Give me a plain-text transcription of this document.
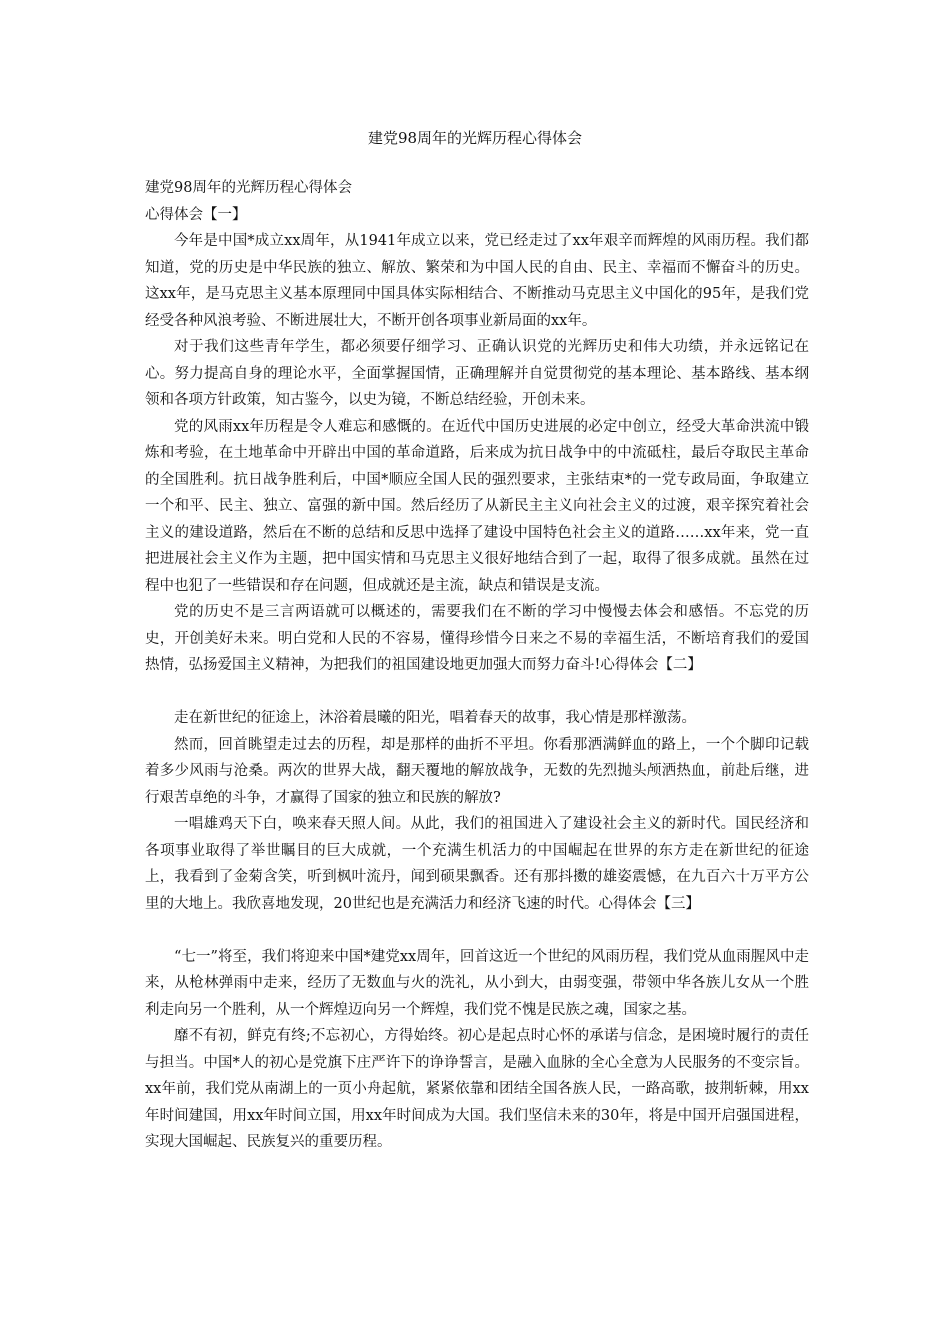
建党98周年的光辉历程心得体会

建党98周年的光辉历程心得体会

心得体会【一】

今年是中国*成立xx周年，从1941年成立以来，党已经走过了xx年艰辛而辉煌的风雨历程。我们都知道，党的历史是中华民族的独立、解放、繁荣和为中国人民的自由、民主、幸福而不懈奋斗的历史。这xx年，是马克思主义基本原理同中国具体实际相结合、不断推动马克思主义中国化的95年，是我们党经受各种风浪考验、不断进展壮大，不断开创各项事业新局面的xx年。

对于我们这些青年学生，都必须要仔细学习、正确认识党的光辉历史和伟大功绩，并永远铭记在心。努力提高自身的理论水平，全面掌握国情，正确理解并自觉贯彻党的基本理论、基本路线、基本纲领和各项方针政策，知古鉴今，以史为镜，不断总结经验，开创未来。

党的风雨xx年历程是令人难忘和感慨的。在近代中国历史进展的必定中创立，经受大革命洪流中锻炼和考验，在土地革命中开辟出中国的革命道路，后来成为抗日战争中的中流砥柱，最后夺取民主革命的全国胜利。抗日战争胜利后，中国*顺应全国人民的强烈要求，主张结束*的一党专政局面，争取建立一个和平、民主、独立、富强的新中国。然后经历了从新民主主义向社会主义的过渡，艰辛探究着社会主义的建设道路，然后在不断的总结和反思中选择了建设中国特色社会主义的道路……xx年来，党一直把进展社会主义作为主题，把中国实情和马克思主义很好地结合到了一起，取得了很多成就。虽然在过程中也犯了一些错误和存在问题，但成就还是主流，缺点和错误是支流。

党的历史不是三言两语就可以概述的，需要我们在不断的学习中慢慢去体会和感悟。不忘党的历史，开创美好未来。明白党和人民的不容易，懂得珍惜今日来之不易的幸福生活，不断培育我们的爱国热情，弘扬爱国主义精神，为把我们的祖国建设地更加强大而努力奋斗!心得体会【二】

走在新世纪的征途上，沐浴着晨曦的阳光，唱着春天的故事，我心情是那样激荡。

然而，回首眺望走过去的历程，却是那样的曲折不平坦。你看那洒满鲜血的路上，一个个脚印记载着多少风雨与沧桑。两次的世界大战，翻天覆地的解放战争，无数的先烈抛头颅洒热血，前赴后继，进行艰苦卓绝的斗争，才赢得了国家的独立和民族的解放?

一唱雄鸡天下白，唤来春天照人间。从此，我们的祖国进入了建设社会主义的新时代。国民经济和各项事业取得了举世瞩目的巨大成就，一个充满生机活力的中国崛起在世界的东方走在新世纪的征途上，我看到了金菊含笑，听到枫叶流丹，闻到硕果飘香。还有那抖擞的雄姿震憾，在九百六十万平方公里的大地上。我欣喜地发现，20世纪也是充满活力和经济飞速的时代。心得体会【三】

“七一”将至，我们将迎来中国*建党xx周年，回首这近一个世纪的风雨历程，我们党从血雨腥风中走来，从枪林弹雨中走来，经历了无数血与火的洗礼，从小到大，由弱变强，带领中华各族儿女从一个胜利走向另一个胜利，从一个辉煌迈向另一个辉煌，我们党不愧是民族之魂，国家之基。

靡不有初，鲜克有终;不忘初心，方得始终。初心是起点时心怀的承诺与信念，是困境时履行的责任与担当。中国*人的初心是党旗下庄严许下的诤诤誓言，是融入血脉的全心全意为人民服务的不变宗旨。xx年前，我们党从南湖上的一页小舟起航，紧紧依靠和团结全国各族人民，一路高歌，披荆斩棘，用xx年时间建国，用xx年时间立国，用xx年时间成为大国。我们坚信未来的30年，将是中国开启强国进程，实现大国崛起、民族复兴的重要历程。
